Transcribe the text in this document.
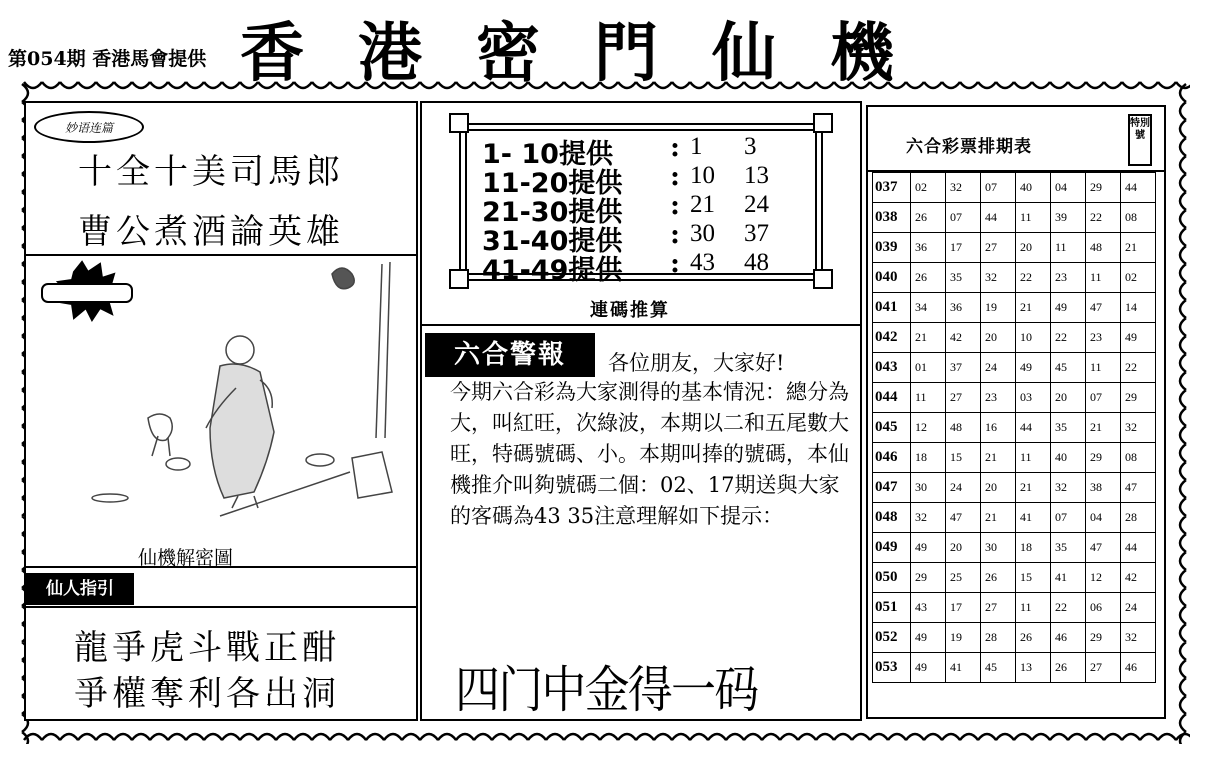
第054期 香港馬會提供 香港密門仙機
妙语连篇
十全十美司馬郎
曹公煮酒論英雄
仙機解密圖
仙人指引
龍爭虎斗戰正酣
爭權奪利各出洞
1- 10提供 : 1 3
11-20提供 : 10 13
21-30提供 : 21 24
31-40提供 : 30 37
41-49提供 : 43 48
連碼推算
六合警報	各位朋友，大家好!
今期六合彩為大家測得的基本情況：總分為大，叫紅旺，次綠波，本期以二和五尾數大旺，特碼號碼、小。本期叫捧的號碼，本仙機推介叫夠號碼二個：02、17期送與大家的客碼為43 35注意理解如下提示：
四门中金得一码
六合彩票排期表
特別號
037	02	32	07	40	04	29	44
038	26	07	44	11	39	22	08
039	36	17	27	20	11	48	21
040	26	35	32	22	23	11	02
041	34	36	19	21	49	47	14
042	21	42	20	10	22	23	49
043	01	37	24	49	45	11	22
044	11	27	23	03	20	07	29
045	12	48	16	44	35	21	32
046	18	15	21	11	40	29	08
047	30	24	20	21	32	38	47
048	32	47	21	41	07	04	28
049	49	20	30	18	35	47	44
050	29	25	26	15	41	12	42
051	43	17	27	11	22	06	24
052	49	19	28	26	46	29	32
053	49	41	45	13	26	27	46
